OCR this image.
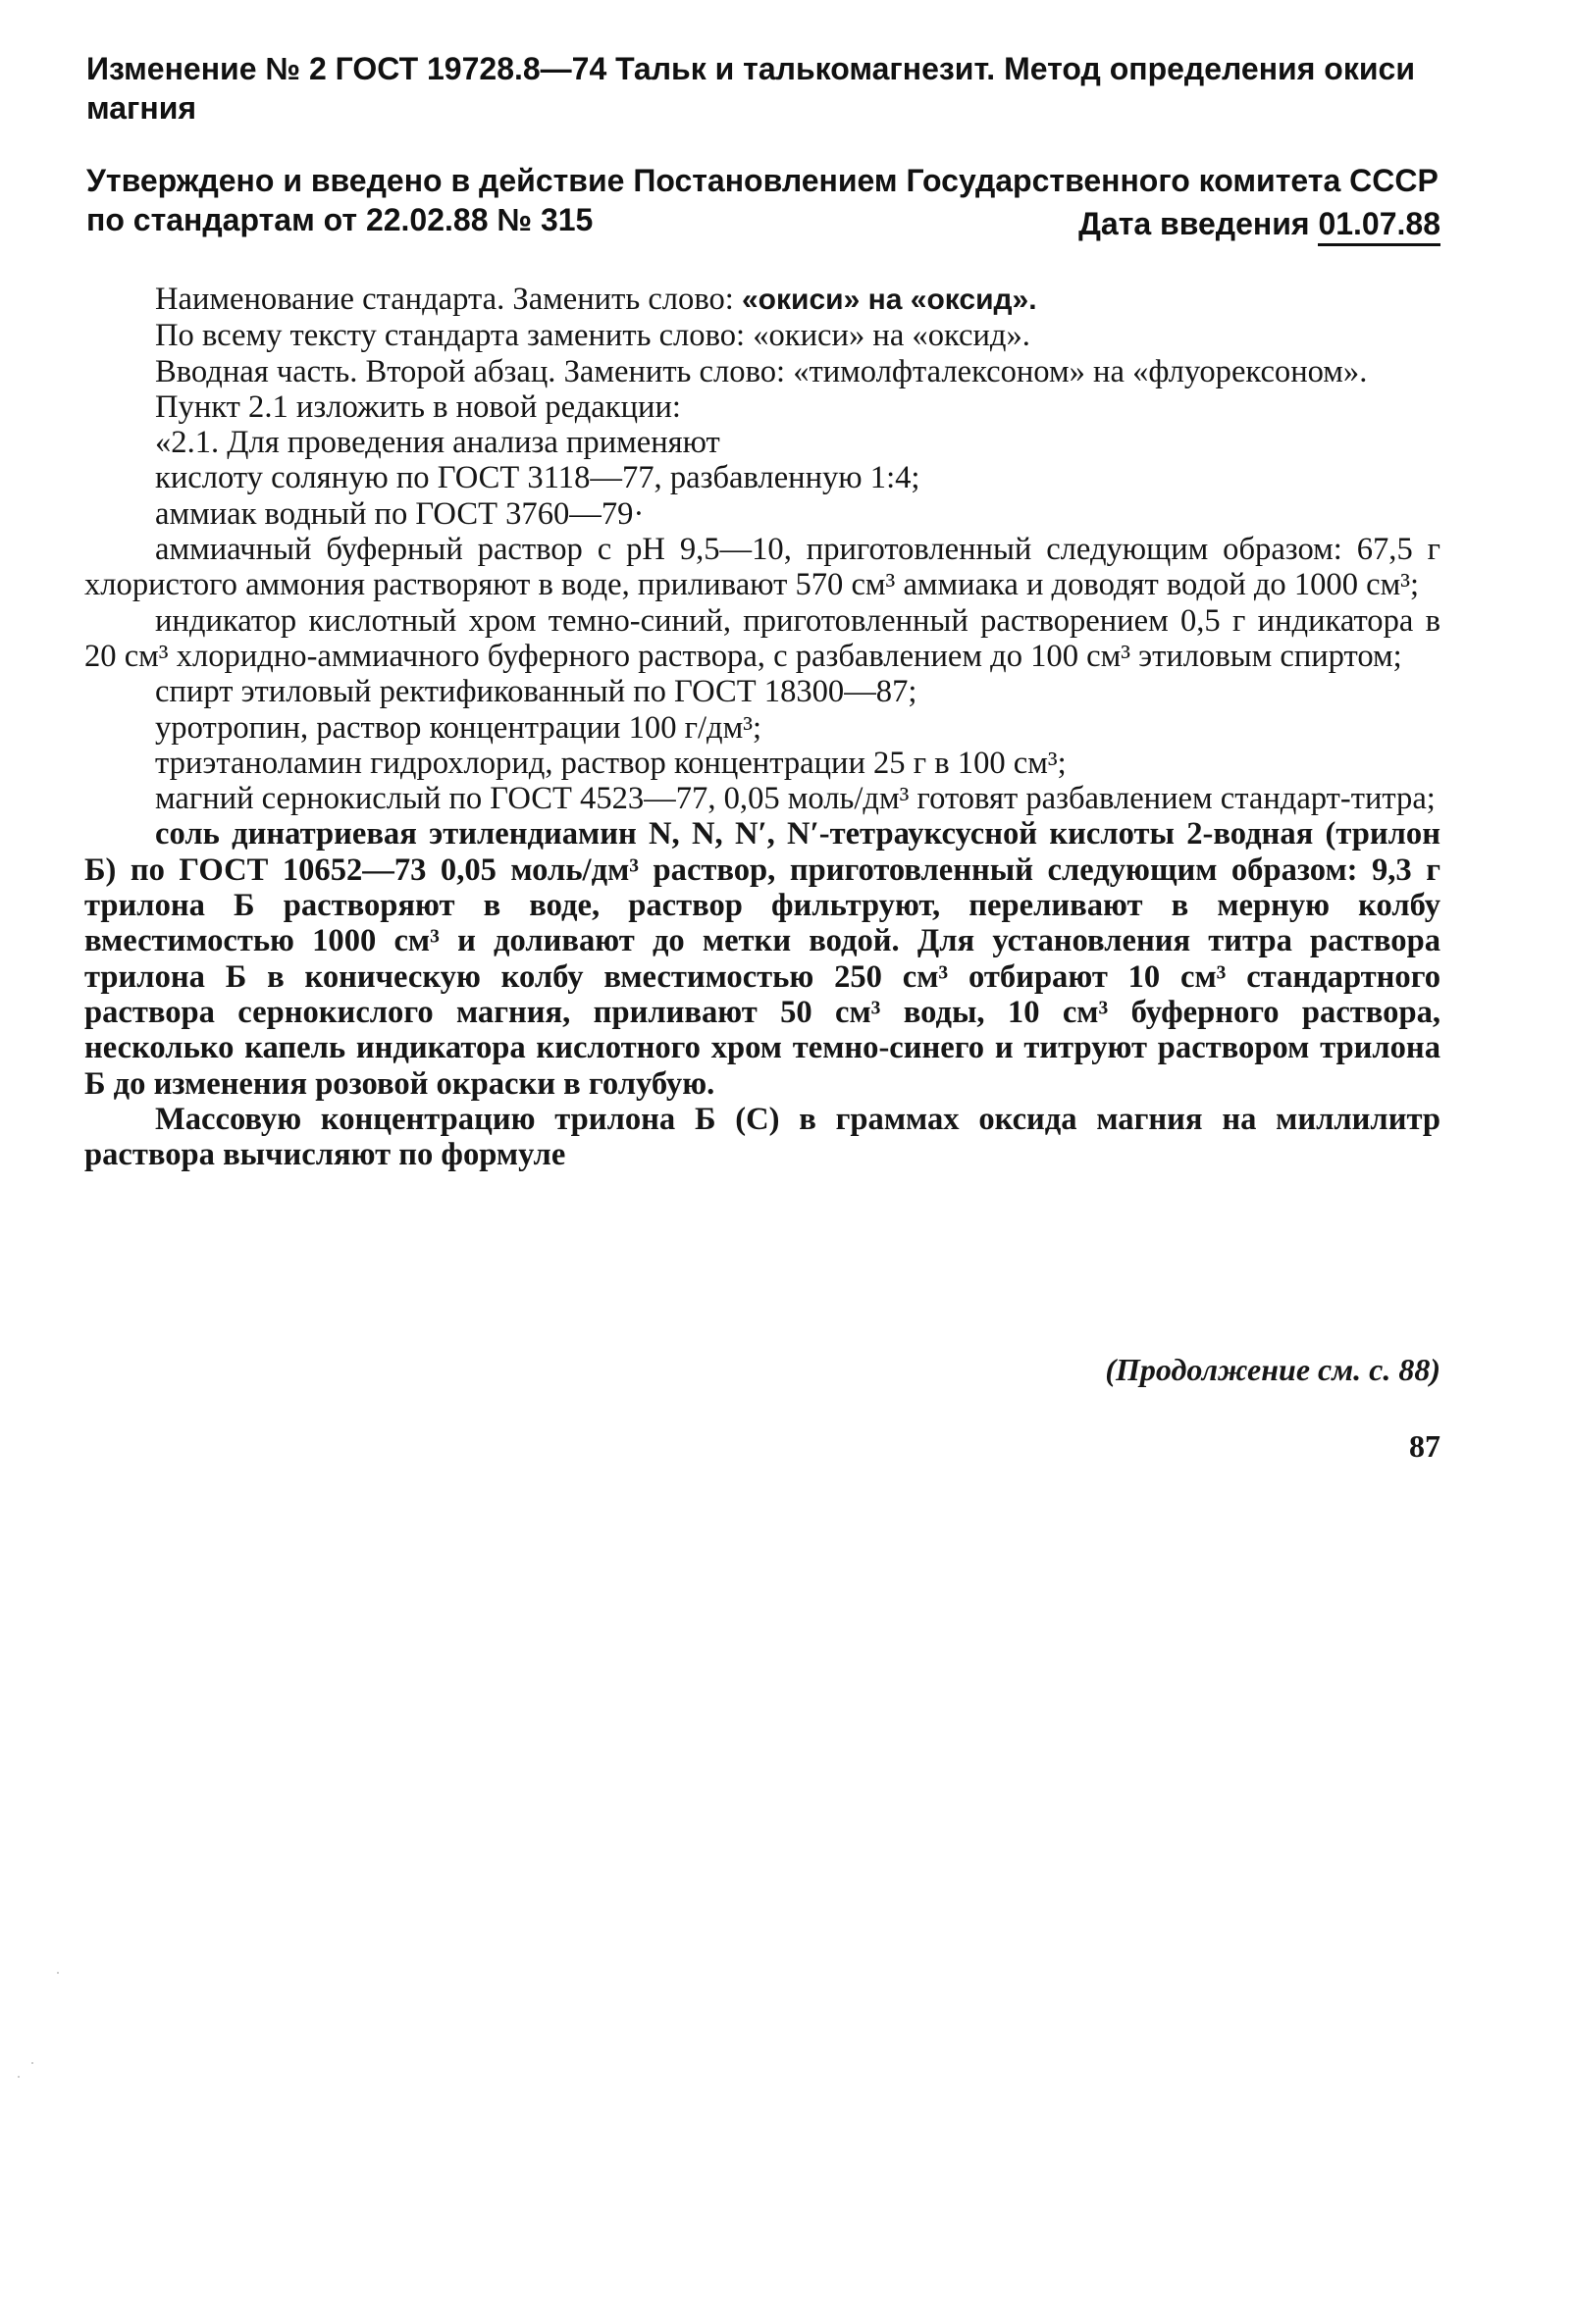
Изменение № 2 ГОСТ 19728.8—74 Тальк и талькомагнезит. Метод определения окиси магния

Утверждено и введено в действие Постановлением Государственного комитета СССР по стандартам от 22.02.88 № 315	Дата введения 01.07.88

Наименование стандарта. Заменить слово: «окиси» на «оксид».

По всему тексту стандарта заменить слово: «окиси» на «оксид».

Вводная часть. Второй абзац. Заменить слово: «тимолфталексоном» на «флуорексоном».

Пункт 2.1 изложить в новой редакции:

«2.1. Для проведения анализа применяют

кислоту соляную по ГОСТ 3118—77, разбавленную 1:4;

аммиак водный по ГОСТ 3760—79·

аммиачный буферный раствор с pH 9,5—10, приготовленный следующим образом: 67,5 г хлористого аммония растворяют в воде, приливают 570 см³ аммиака и доводят водой до 1000 см³;

индикатор кислотный хром темно-синий, приготовленный растворением 0,5 г индикатора в 20 см³ хлоридно-аммиачного буферного раствора, с разбавлением до 100 см³ этиловым спиртом;

спирт этиловый ректификованный по ГОСТ 18300—87;

уротропин, раствор концентрации 100 г/дм³;

триэтаноламин гидрохлорид, раствор концентрации 25 г в 100 см³;

магний сернокислый по ГОСТ 4523—77, 0,05 моль/дм³ готовят разбавлением стандарт-титра;

соль динатриевая этилендиамин N, N, N′, N′-тетрауксусной кислоты 2-водная (трилон Б) по ГОСТ 10652—73 0,05 моль/дм³ раствор, приготовленный следующим образом: 9,3 г трилона Б растворяют в воде, раствор фильтруют, переливают в мерную колбу вместимостью 1000 см³ и доливают до метки водой. Для установления титра раствора трилона Б в коническую колбу вместимостью 250 см³ отбирают 10 см³ стандартного раствора сернокислого магния, приливают 50 см³ воды, 10 см³ буферного раствора, несколько капель индикатора кислотного хром темно-синего и титруют раствором трилона Б до изменения розовой окраски в голубую.

Массовую концентрацию трилона Б (C) в граммах оксида магния на миллилитр раствора вычисляют по формуле

(Продолжение см. с. 88)
87
